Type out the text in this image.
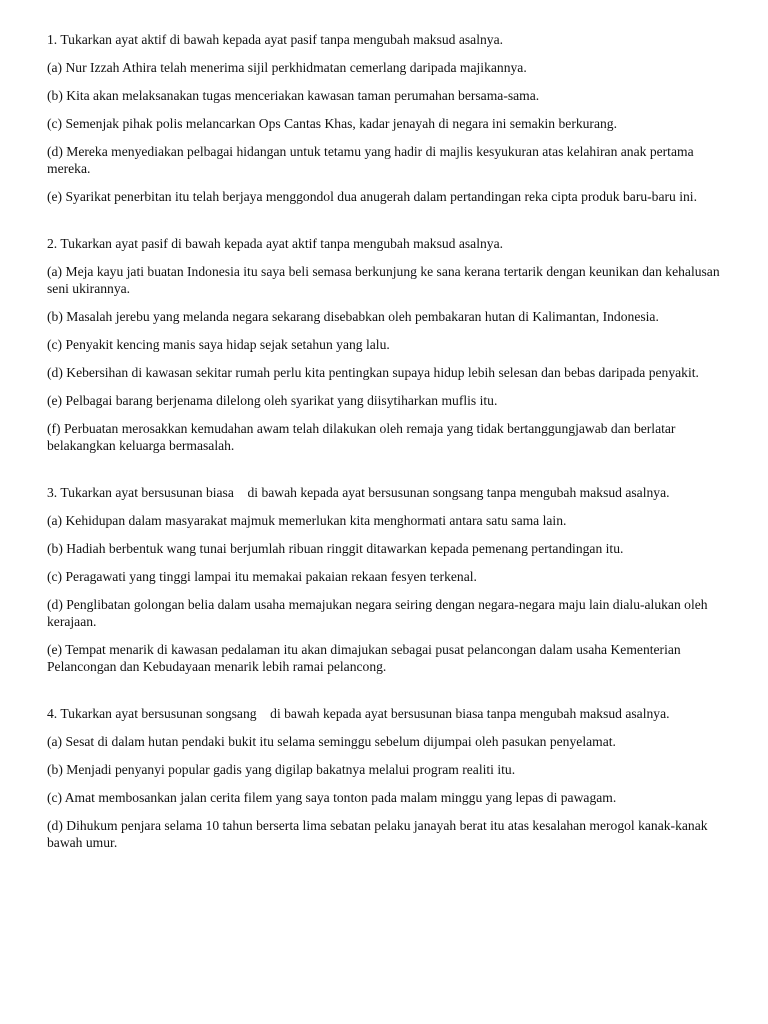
1. Tukarkan ayat aktif di bawah kepada ayat pasif tanpa mengubah maksud asalnya.

(a) Nur Izzah Athira telah menerima sijil perkhidmatan cemerlang daripada majikannya.

(b) Kita akan melaksanakan tugas menceriakan kawasan taman perumahan bersama-sama.

(c) Semenjak pihak polis melancarkan Ops Cantas Khas, kadar jenayah di negara ini semakin berkurang.

(d) Mereka menyediakan pelbagai hidangan untuk tetamu yang hadir di majlis kesyukuran atas kelahiran anak pertama mereka.

(e) Syarikat penerbitan itu telah berjaya menggondol dua anugerah dalam pertandingan reka cipta produk baru-baru ini.

2. Tukarkan ayat pasif di bawah kepada ayat aktif tanpa mengubah maksud asalnya.

(a) Meja kayu jati buatan Indonesia itu saya beli semasa berkunjung ke sana kerana tertarik dengan keunikan dan kehalusan seni ukirannya.

(b) Masalah jerebu yang melanda negara sekarang disebabkan oleh pembakaran hutan di Kalimantan, Indonesia.

(c) Penyakit kencing manis saya hidap sejak setahun yang lalu.

(d) Kebersihan di kawasan sekitar rumah perlu kita pentingkan supaya hidup lebih selesan dan bebas daripada penyakit.

(e) Pelbagai barang berjenama dilelong oleh syarikat yang diisytiharkan muflis itu.

(f) Perbuatan merosakkan kemudahan awam telah dilakukan oleh remaja yang tidak bertanggungjawab dan berlatar belakangkan keluarga bermasalah.

3. Tukarkan ayat bersusunan biasa    di bawah kepada ayat bersusunan songsang tanpa mengubah maksud asalnya.

(a) Kehidupan dalam masyarakat majmuk memerlukan kita menghormati antara satu sama lain.

(b) Hadiah berbentuk wang tunai berjumlah ribuan ringgit ditawarkan kepada pemenang pertandingan itu.

(c) Peragawati yang tinggi lampai itu memakai pakaian rekaan fesyen terkenal.

(d) Penglibatan golongan belia dalam usaha memajukan negara seiring dengan negara-negara maju lain dialu-alukan oleh kerajaan.

(e) Tempat menarik di kawasan pedalaman itu akan dimajukan sebagai pusat pelancongan dalam usaha Kementerian Pelancongan dan Kebudayaan menarik lebih ramai pelancong.

4. Tukarkan ayat bersusunan songsang    di bawah kepada ayat bersusunan biasa tanpa mengubah maksud asalnya.

(a) Sesat di dalam hutan pendaki bukit itu selama seminggu sebelum dijumpai oleh pasukan penyelamat.

(b) Menjadi penyanyi popular gadis yang digilap bakatnya melalui program realiti itu.

(c) Amat membosankan jalan cerita filem yang saya tonton pada malam minggu yang lepas di pawagam.

(d) Dihukum penjara selama 10 tahun berserta lima sebatan pelaku janayah berat itu atas kesalahan merogol kanak-kanak bawah umur.
